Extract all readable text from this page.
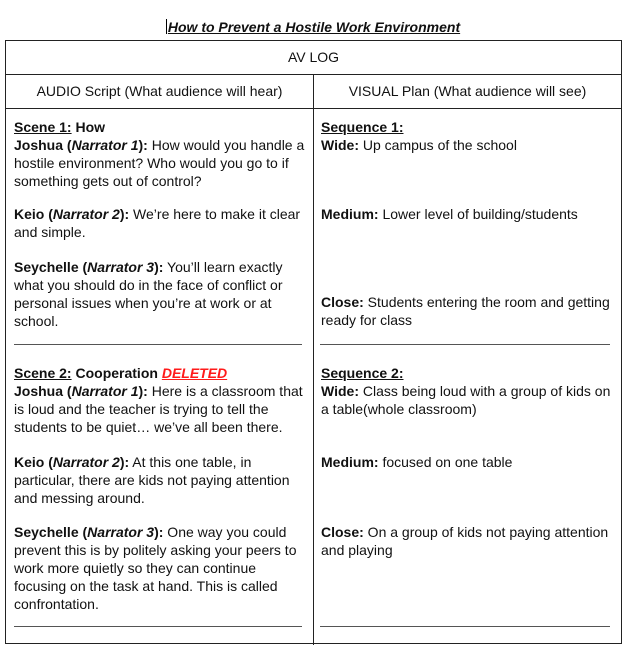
How to Prevent a Hostile Work Environment
AV LOG
AUDIO Script (What audience will hear)	VISUAL Plan (What audience will see)

Scene 1: How
Joshua (Narrator 1): How would you handle a hostile environment? Who would you go to if something gets out of control?

Keio (Narrator 2): We’re here to make it clear and simple.

Seychelle (Narrator 3): You’ll learn exactly what you should do in the face of conflict or personal issues when you’re at work or at school.

Sequence 1:
Wide: Up campus of the school

Medium: Lower level of building/students

Close: Students entering the room and getting ready for class

Scene 2: Cooperation DELETED
Joshua (Narrator 1): Here is a classroom that is loud and the teacher is trying to tell the students to be quiet… we’ve all been there.

Keio (Narrator 2): At this one table, in particular, there are kids not paying attention and messing around.

Seychelle (Narrator 3): One way you could prevent this is by politely asking your peers to work more quietly so they can continue focusing on the task at hand. This is called confrontation.

Sequence 2:
Wide: Class being loud with a group of kids on a table(whole classroom)

Medium: focused on one table

Close: On a group of kids not paying attention and playing
